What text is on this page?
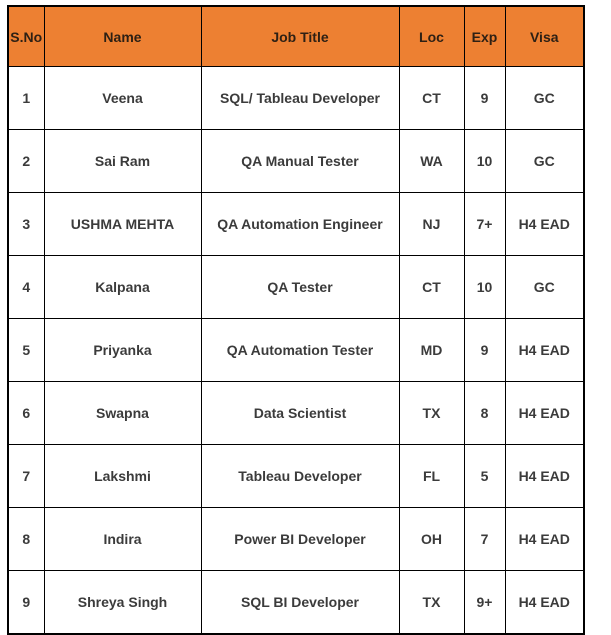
S.No	Name	Job Title	Loc	Exp	Visa
1	Veena	SQL/ Tableau Developer	CT	9	GC
2	Sai Ram	QA Manual Tester	WA	10	GC
3	USHMA MEHTA	QA Automation Engineer	NJ	7+	H4 EAD
4	Kalpana	QA Tester	CT	10	GC
5	Priyanka	QA Automation Tester	MD	9	H4 EAD
6	Swapna	Data Scientist	TX	8	H4 EAD
7	Lakshmi	Tableau Developer	FL	5	H4 EAD
8	Indira	Power BI Developer	OH	7	H4 EAD
9	Shreya Singh	SQL BI Developer	TX	9+	H4 EAD
